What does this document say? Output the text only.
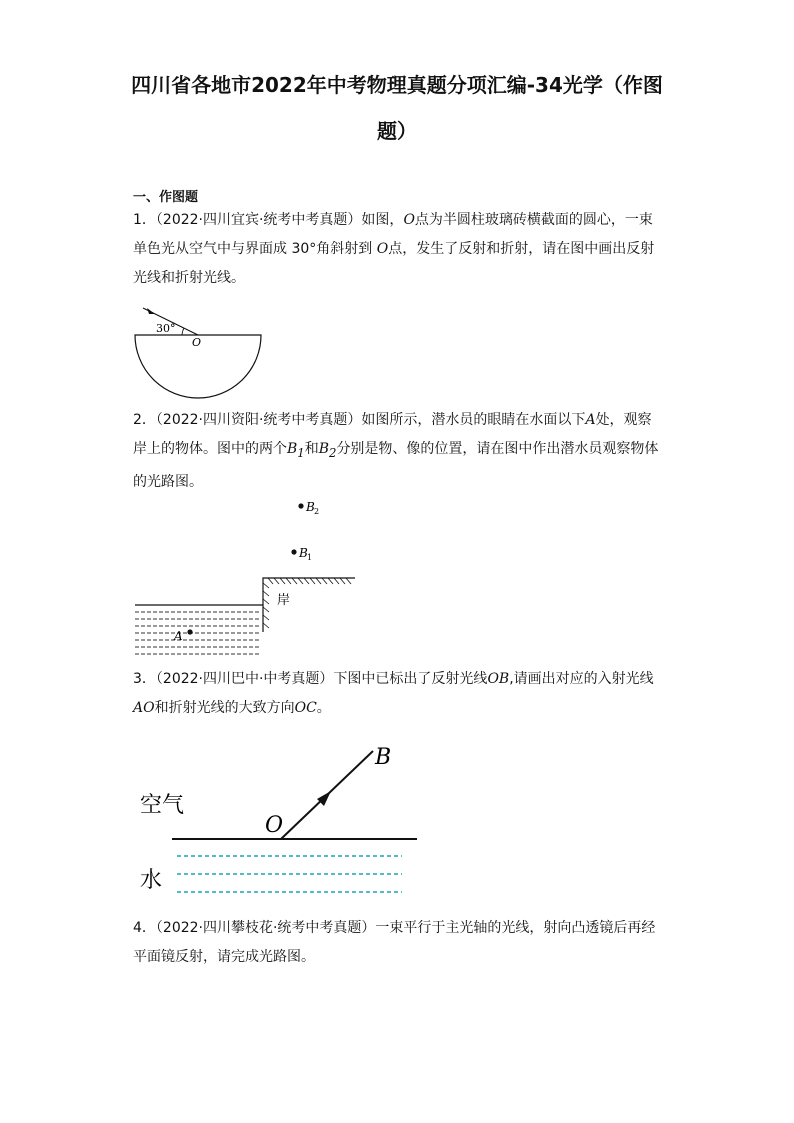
四川省各地市2022年中考物理真题分项汇编-34光学（作图
题）
一、作图题
1．（2022·四川宜宾·统考中考真题）如图，O点为半圆柱玻璃砖横截面的圆心，一束单色光从空气中与界面成 30°角斜射到 O点，发生了反射和折射，请在图中画出反射光线和折射光线。
30°
O
2．（2022·四川资阳·统考中考真题）如图所示，潜水员的眼睛在水面以下A处，观察岸上的物体。图中的两个$B_1$和$B_2$分别是物、像的位置，请在图中作出潜水员观察物体的光路图。
B 2
B 1
岸
A
3．（2022·四川巴中·中考真题）下图中已标出了反射光线OB,请画出对应的入射光线AO和折射光线的大致方向OC。
B
空气
O
水
4．（2022·四川攀枝花·统考中考真题）一束平行于主光轴的光线，射向凸透镜后再经平面镜反射，请完成光路图。
